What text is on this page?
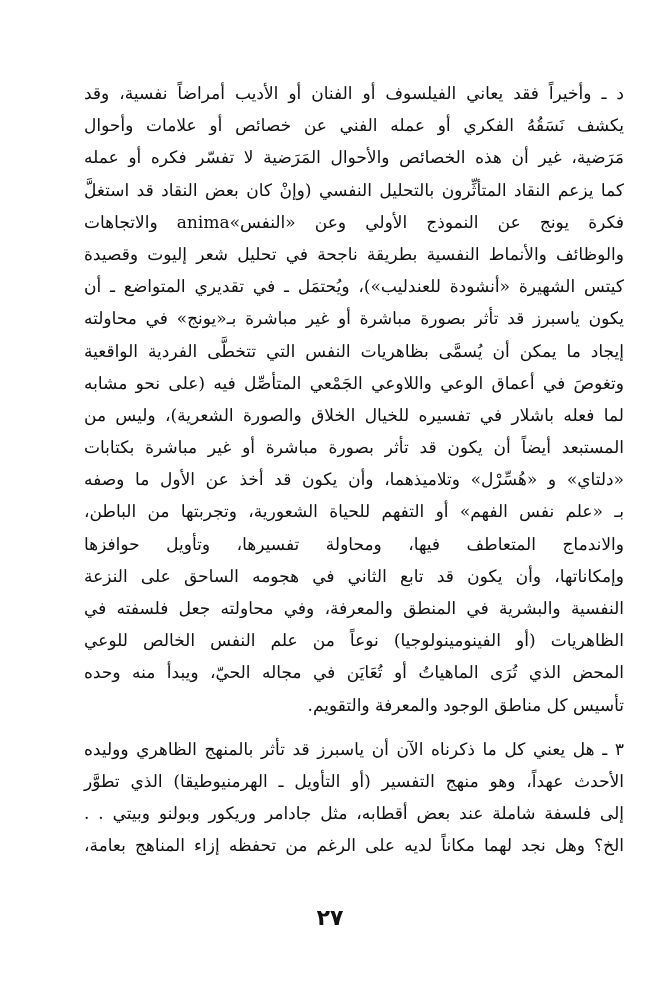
د ـ وأخيراً فقد يعاني الفيلسوف أو الفنان أو الأديب أمراضاً نفسية، وقد
يكشف نَسَقُهُ الفكري أو عمله الفني عن خصائص أو علامات وأحوال
مَرَضية، غير أن هذه الخصائص والأحوال المَرَضية لا تفسّر فكره أو عمله
كما يزعم النقاد المتأثِّرون بالتحليل النفسي (وإنْ كان بعض النقاد قد استغلَّ
فكرة يونج عن النموذج الأولي وعن «النفس»anima والاتجاهات
والوظائف والأنماط النفسية بطريقة ناجحة في تحليل شعر إليوت وقصيدة
كيتس الشهيرة «أنشودة للعندليب»)، ويُحتمَل ـ في تقديري المتواضع ـ أن
يكون ياسبرز قد تأثر بصورة مباشرة أو غير مباشرة بـ«يونج» في محاولته
إيجاد ما يمكن أن يُسمَّى بظاهريات النفس التي تتخطَّى الفردية الواقعية
وتغوصَ في أعماق الوعي واللاوعي الجَمْعي المتأصِّل فيه (على نحو مشابه
لما فعله باشلار في تفسيره للخيال الخلاق والصورة الشعرية)، وليس من
المستبعد أيضاً أن يكون قد تأثر بصورة مباشرة أو غير مباشرة بكتابات
«دلتاي» و «هُسِّرْل» وتلاميذهما، وأن يكون قد أخذ عن الأول ما وصفه
بـ «علم نفس الفهم» أو التفهم للحياة الشعورية، وتجربتها من الباطن،
والاندماج المتعاطف فيها، ومحاولة تفسيرها، وتأويل حوافزها
وإمكاناتها، وأن يكون قد تابع الثاني في هجومه الساحق على النزعة
النفسية والبشرية في المنطق والمعرفة، وفي محاولته جعل فلسفته في
الظاهريات (أو الفينومينولوجيا) نوعاً من علم النفس الخالص للوعي
المحض الذي تُرَى الماهياتُ أو تُعَايَن في مجاله الحيّ، ويبدأ منه وحده
تأسيس كل مناطق الوجود والمعرفة والتقويم.
٣ ـ هل يعني كل ما ذكرناه الآن أن ياسبرز قد تأثر بالمنهج الظاهري ووليده
الأحدث عهداً، وهو منهج التفسير (أو التأويل ـ الهرمنيوطيقا) الذي تطوَّر
إلى فلسفة شاملة عند بعض أقطابه، مثل جادامر وريكور وبولنو وبيتي . .
الخ؟ وهل نجد لهما مكاناً لديه على الرغم من تحفظه إزاء المناهج بعامة،
٢٧
